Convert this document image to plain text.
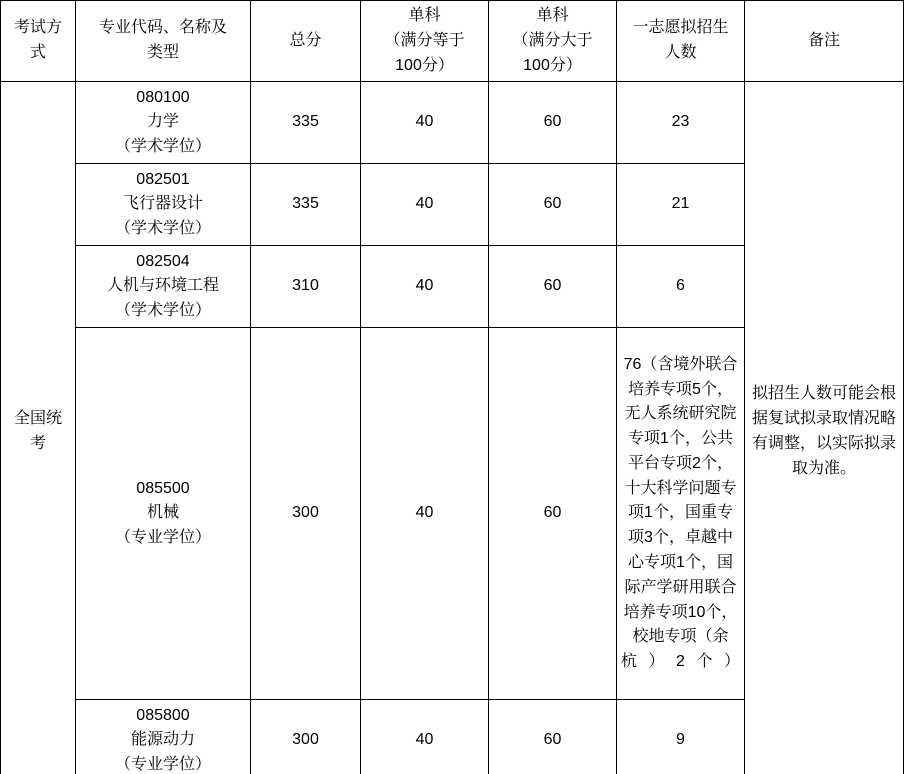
考试方
式	专业代码、名称及
类型	总分	单科
（满分等于
100分）	单科
（满分大于
100分）	一志愿拟招生
人数	备注

全国统
考	080100
力学
（学术学位）	335	40	60	23	拟招生人数可能会根据复试拟录取情况略有调整，以实际拟录取为准。

	082501
飞行器设计
（学术学位）	335	40	60	21	

	082504
人机与环境工程
（学术学位）	310	40	60	6	

	085500
机械
（专业学位）	300	40	60	76（含境外联合培养专项5个，无人系统研究院专项1个，公共平台专项2个，十大科学问题专项1个，国重专项3个，卓越中心专项1个，国际产学研用联合培养专项10个，校地专项（余杭）2个）	

	085800
能源动力
（专业学位）	300	40	60	9	
